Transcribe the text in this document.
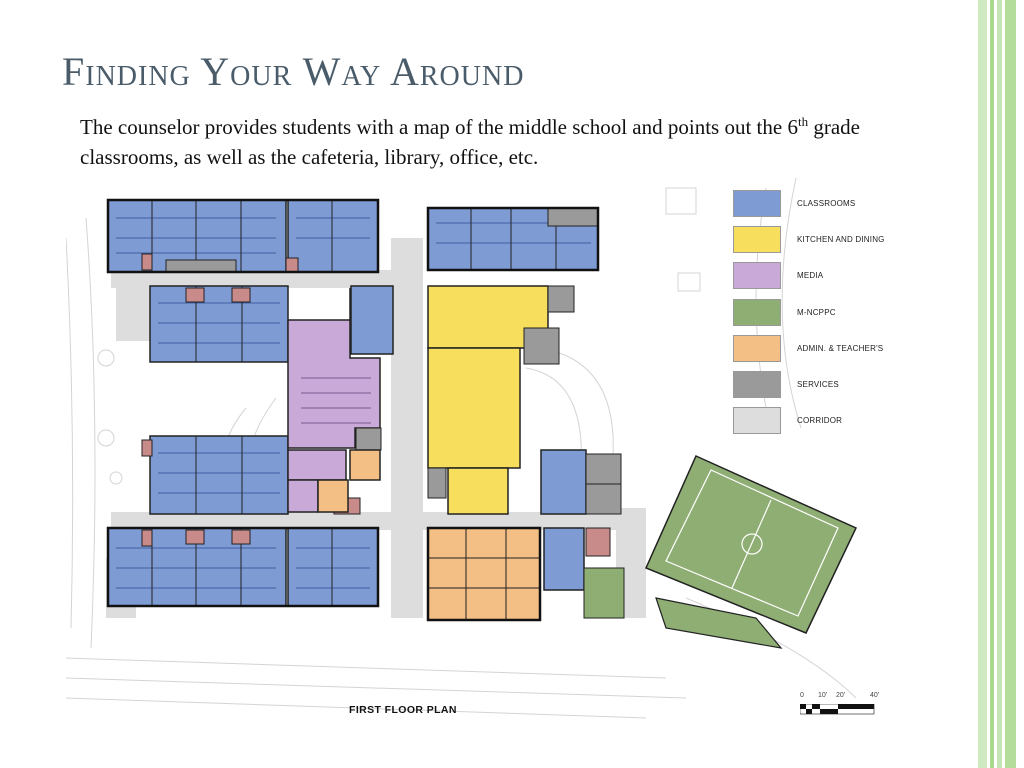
Finding Your Way Around

The counselor provides students with a map of the middle school and points out the 6th grade classrooms, as well as the cafeteria, library, office, etc.

CLASSROOMS
KITCHEN AND DINING
MEDIA
M-NCPPC
ADMIN. & TEACHER'S
SERVICES
CORRIDOR
FIRST FLOOR PLAN
0 10' 20'	40'
